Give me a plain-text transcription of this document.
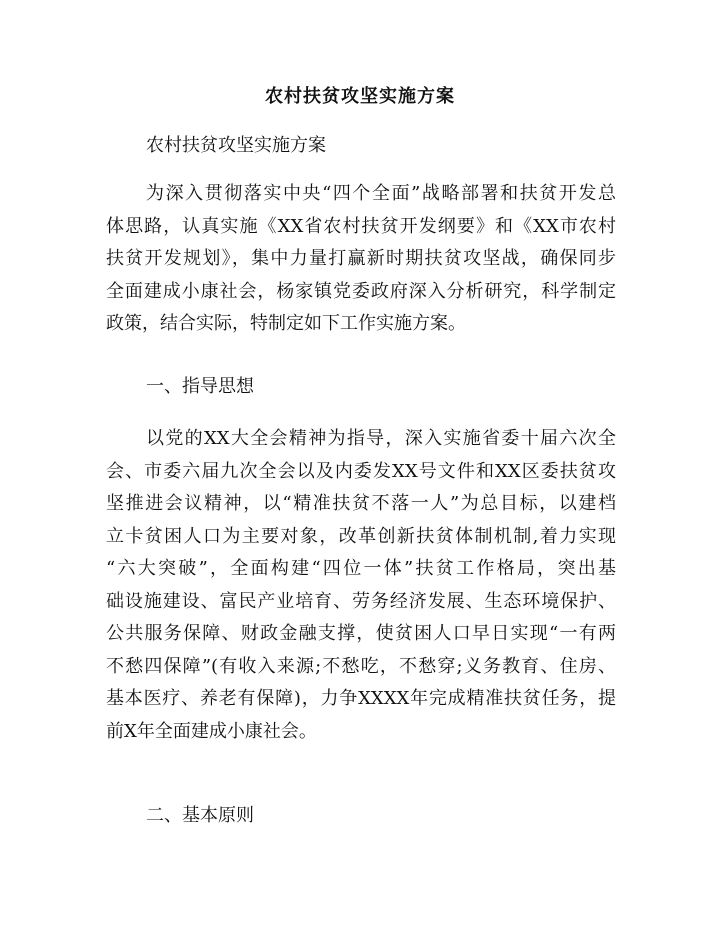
农村扶贫攻坚实施方案

农村扶贫攻坚实施方案

为深入贯彻落实中央“四个全面”战略部署和扶贫开发总
体思路，认真实施《XX省农村扶贫开发纲要》和《XX市农村
扶贫开发规划》，集中力量打赢新时期扶贫攻坚战，确保同步
全面建成小康社会，杨家镇党委政府深入分析研究，科学制定
政策，结合实际，特制定如下工作实施方案。

一、指导思想

以党的XX大全会精神为指导，深入实施省委十届六次全
会、市委六届九次全会以及内委发XX号文件和XX区委扶贫攻
坚推进会议精神，以“精准扶贫不落一人”为总目标，以建档
立卡贫困人口为主要对象，改革创新扶贫体制机制,着力实现
“六大突破”，全面构建“四位一体”扶贫工作格局，突出基
础设施建设、富民产业培育、劳务经济发展、生态环境保护、
公共服务保障、财政金融支撑，使贫困人口早日实现“一有两
不愁四保障”(有收入来源;不愁吃，不愁穿;义务教育、住房、
基本医疗、养老有保障)，力争XXXX年完成精准扶贫任务，提
前X年全面建成小康社会。

二、基本原则
